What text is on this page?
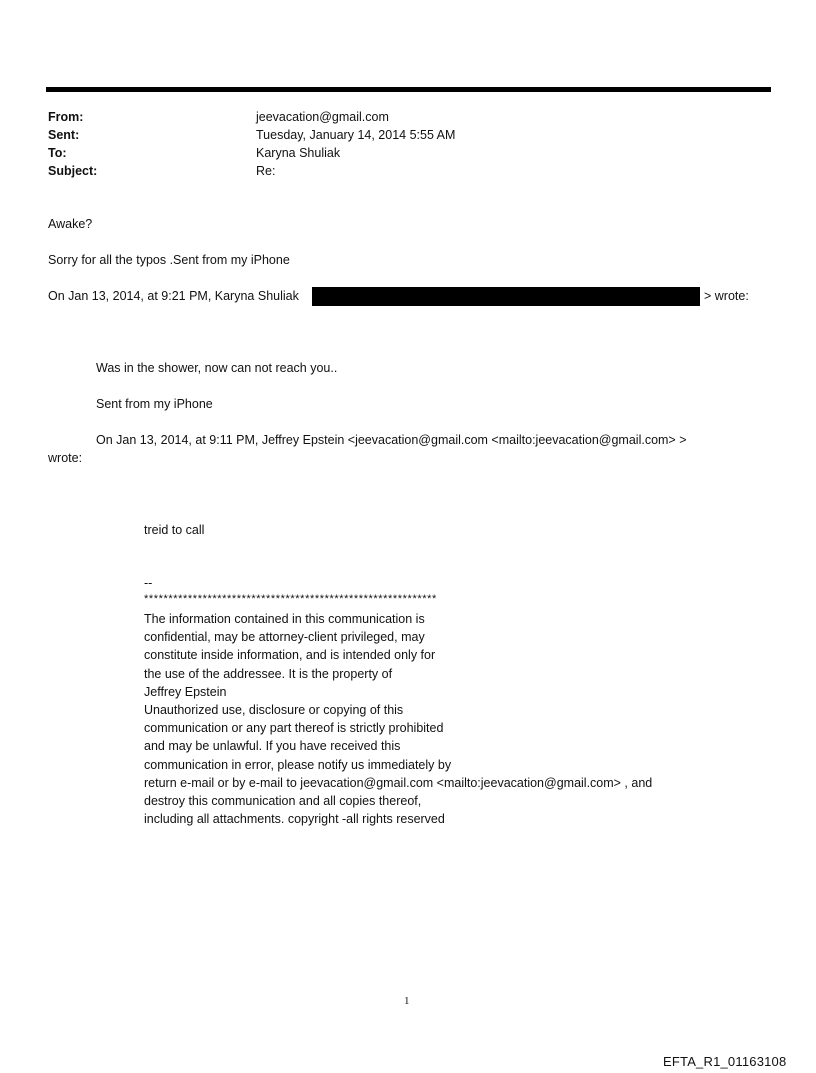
From:	jeevacation@gmail.com
Sent:	Tuesday, January 14, 2014 5:55 AM
To:	Karyna Shuliak
Subject:	Re:
Awake?
Sorry for all the typos .Sent from my iPhone
On Jan 13, 2014, at 9:21 PM, Karyna Shuliak	> wrote:
Was in the shower, now can not reach you..
Sent from my iPhone
On Jan 13, 2014, at 9:11 PM, Jeffrey Epstein <jeevacation@gmail.com <mailto:jeevacation@gmail.com> >
wrote:
treid to call
--
************************************************************
The information contained in this communication is
confidential, may be attorney-client privileged, may
constitute inside information, and is intended only for
the use of the addressee. It is the property of
Jeffrey Epstein
Unauthorized use, disclosure or copying of this
communication or any part thereof is strictly prohibited
and may be unlawful. If you have received this
communication in error, please notify us immediately by
return e-mail or by e-mail to jeevacation@gmail.com <mailto:jeevacation@gmail.com> , and
destroy this communication and all copies thereof,
including all attachments. copyright -all rights reserved
1
EFTA_R1_01163108
